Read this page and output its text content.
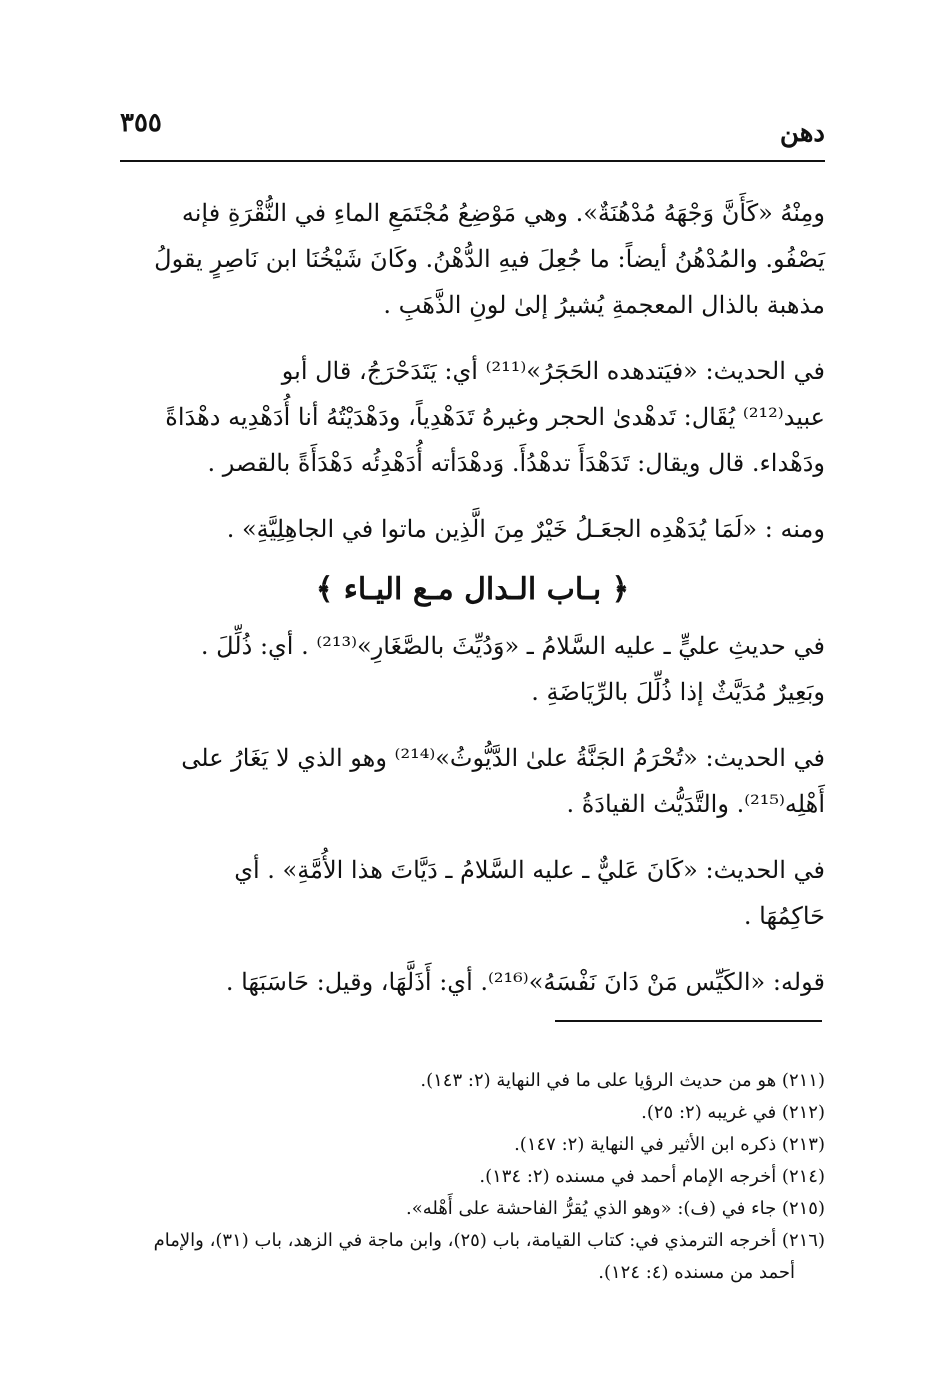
٣٥٥	دهن
ومِنْهُ «كَأَنَّ وَجْهَهُ مُدْهُنَةٌ». وهي مَوْضِعُ مُجْتَمَعِ الماءِ في النُّقْرَةِ فإنه
يَصْفُو. والمُدْهُنُ أيضاً: ما جُعِلَ فيهِ الدُّهْنُ. وكَانَ شَيْخُنَا ابن نَاصِرٍ يقولُ
مذهبة بالذال المعجمةِ يُشيرُ إلىٰ لونِ الذَّهَبِ .
في الحديث: «فيَتدهده الحَجَرُ»⁽²¹¹⁾ أي: يَتَدَحْرَجُ، قال أبو
عبيد⁽²¹²⁾ يُقَال: تَدهْدىٰ الحجر وغيرهُ تَدَهْدِياً، ودَهْدَيْتُهُ أنا أُدَهْدِيه دهْدَاةً
ودَهْداء. قال ويقال: تَدَهْدَأَ تدهْدُأَ. وَدهْدَأته أُدَهْدِئُه دَهْدَأَةً بالقصر .
ومنه : «لَمَا يُدَهْدِه الجعَـلُ خَيْرٌ مِنَ الَّذِين ماتوا في الجاهِلِيَّةِ» .
﴿ بـاب الـدال مـع اليـاء ﴾
في حديثِ عليٍّ ـ عليه السَّلامُ ـ «وَدُيِّثَ بالصَّغَارِ»⁽²¹³⁾ . أي: ذُلِّلَ .
وبَعِيرٌ مُدَيَّثٌ إذا ذُلِّلَ بالرِّيَاضَةِ .
في الحديث: «تُحْرَمُ الجَنَّةُ علىٰ الدَّيُّوثُ»⁽²¹⁴⁾ وهو الذي لا يَغَارُ على
أَهْلِه⁽²¹⁵⁾. والتَّدَيُّث القيادَةُ .
في الحديث: «كَانَ عَليٌّ ـ عليه السَّلامُ ـ دَيَّاتَ هذا الأُمَّةِ» . أي
حَاكِمُهَا .
قوله: «الكَيِّس مَنْ دَانَ نَفْسَهُ»⁽²¹⁶⁾. أي: أَذَلَّهَا، وقيل: حَاسَبَهَا .
(٢١١) هو من حديث الرؤيا على ما في النهاية (٢: ١٤٣).
(٢١٢) في غريبه (٢: ٢٥).
(٢١٣) ذكره ابن الأثير في النهاية (٢: ١٤٧).
(٢١٤) أخرجه الإمام أحمد في مسنده (٢: ١٣٤).
(٢١٥) جاء في (ف): «وهو الذي يُقرُّ الفاحشة على أَهْله».
(٢١٦) أخرجه الترمذي في: كتاب القيامة، باب (٢٥)، وابن ماجة في الزهد، باب (٣١)، والإمام
أحمد من مسنده (٤: ١٢٤).
